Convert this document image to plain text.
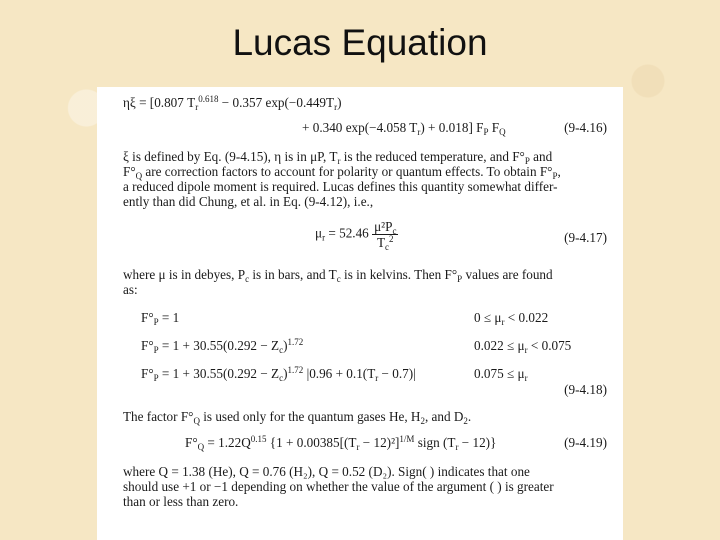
Lucas Equation
ηξ = [0.807 $T_r^{0.618} - 0.357$ $\exp(-0.449T_r)$
+ 0.340 exp(−4.058 $T_r) + 0.018$] $F_P$ $F_Q$	(9-4.16)
ξ is defined by Eq. (9-4.15), η is in μP, $T_r$ is the reduced temperature, and $F^\circ_P$ and
$F^\circ_Q$ are correction factors to account for polarity or quantum effects. To obtain $F^\circ_P$,
a reduced dipole moment is required. Lucas defines this quantity somewhat differ-
ently than did Chung, et al. in Eq. (9-4.12), i.e.,
$\mu_r = 52.46 \frac{\mu^2P_c}{T_c^2}$	(9-4.17)
where μ is in debyes, $P_c$ is in bars, and $T_c$ is in kelvins. Then $F^\circ_P$ values are found
as:
$F^\circ_P = 1$	$0 \le \mu_r < 0.022$
$F^\circ_P = 1 + 30.55(0.292 - Z_c)^{1.72}$	$0.022 \le \mu_r < 0.075$
$F^\circ_P = 1 + 30.55(0.292 - Z_c)^{1.72}$ $|0.96 + 0.1(T_r - 0.7)|$	$0.075 \le \mu_r$
(9-4.18)
The factor $F^\circ_Q$ is used only for the quantum gases He, $H_2$, and $D_2$.
$F^\circ_Q = 1.22Q^{0.15}$ {$1 + 0.00385[(T_r - 12)^2]^{1/M}$ sign $(T_r - 12)$}	(9-4.19)
where Q = 1.38 (He), Q = 0.76 (H₂), Q = 0.52 (D₂). Sign( ) indicates that one
should use +1 or −1 depending on whether the value of the argument ( ) is greater
than or less than zero.
